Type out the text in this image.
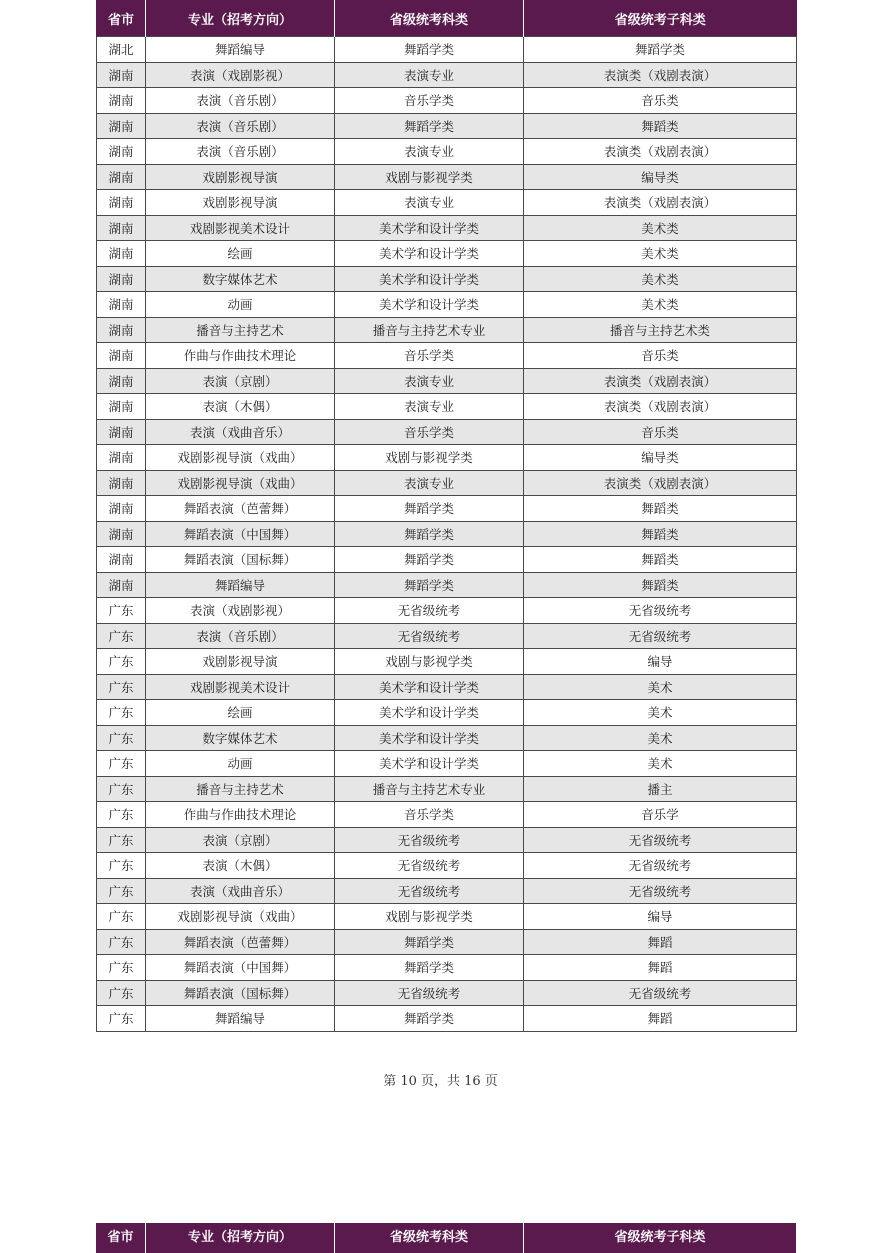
省市	专业（招考方向）	省级统考科类	省级统考子科类
湖北	舞蹈编导	舞蹈学类	舞蹈学类
湖南	表演（戏剧影视）	表演专业	表演类（戏剧表演）
湖南	表演（音乐剧）	音乐学类	音乐类
湖南	表演（音乐剧）	舞蹈学类	舞蹈类
湖南	表演（音乐剧）	表演专业	表演类（戏剧表演）
湖南	戏剧影视导演	戏剧与影视学类	编导类
湖南	戏剧影视导演	表演专业	表演类（戏剧表演）
湖南	戏剧影视美术设计	美术学和设计学类	美术类
湖南	绘画	美术学和设计学类	美术类
湖南	数字媒体艺术	美术学和设计学类	美术类
湖南	动画	美术学和设计学类	美术类
湖南	播音与主持艺术	播音与主持艺术专业	播音与主持艺术类
湖南	作曲与作曲技术理论	音乐学类	音乐类
湖南	表演（京剧）	表演专业	表演类（戏剧表演）
湖南	表演（木偶）	表演专业	表演类（戏剧表演）
湖南	表演（戏曲音乐）	音乐学类	音乐类
湖南	戏剧影视导演（戏曲）	戏剧与影视学类	编导类
湖南	戏剧影视导演（戏曲）	表演专业	表演类（戏剧表演）
湖南	舞蹈表演（芭蕾舞）	舞蹈学类	舞蹈类
湖南	舞蹈表演（中国舞）	舞蹈学类	舞蹈类
湖南	舞蹈表演（国标舞）	舞蹈学类	舞蹈类
湖南	舞蹈编导	舞蹈学类	舞蹈类
广东	表演（戏剧影视）	无省级统考	无省级统考
广东	表演（音乐剧）	无省级统考	无省级统考
广东	戏剧影视导演	戏剧与影视学类	编导
广东	戏剧影视美术设计	美术学和设计学类	美术
广东	绘画	美术学和设计学类	美术
广东	数字媒体艺术	美术学和设计学类	美术
广东	动画	美术学和设计学类	美术
广东	播音与主持艺术	播音与主持艺术专业	播主
广东	作曲与作曲技术理论	音乐学类	音乐学
广东	表演（京剧）	无省级统考	无省级统考
广东	表演（木偶）	无省级统考	无省级统考
广东	表演（戏曲音乐）	无省级统考	无省级统考
广东	戏剧影视导演（戏曲）	戏剧与影视学类	编导
广东	舞蹈表演（芭蕾舞）	舞蹈学类	舞蹈
广东	舞蹈表演（中国舞）	舞蹈学类	舞蹈
广东	舞蹈表演（国标舞）	无省级统考	无省级统考
广东	舞蹈编导	舞蹈学类	舞蹈
第 10 页，共 16 页
省市	专业（招考方向）	省级统考科类	省级统考子科类
